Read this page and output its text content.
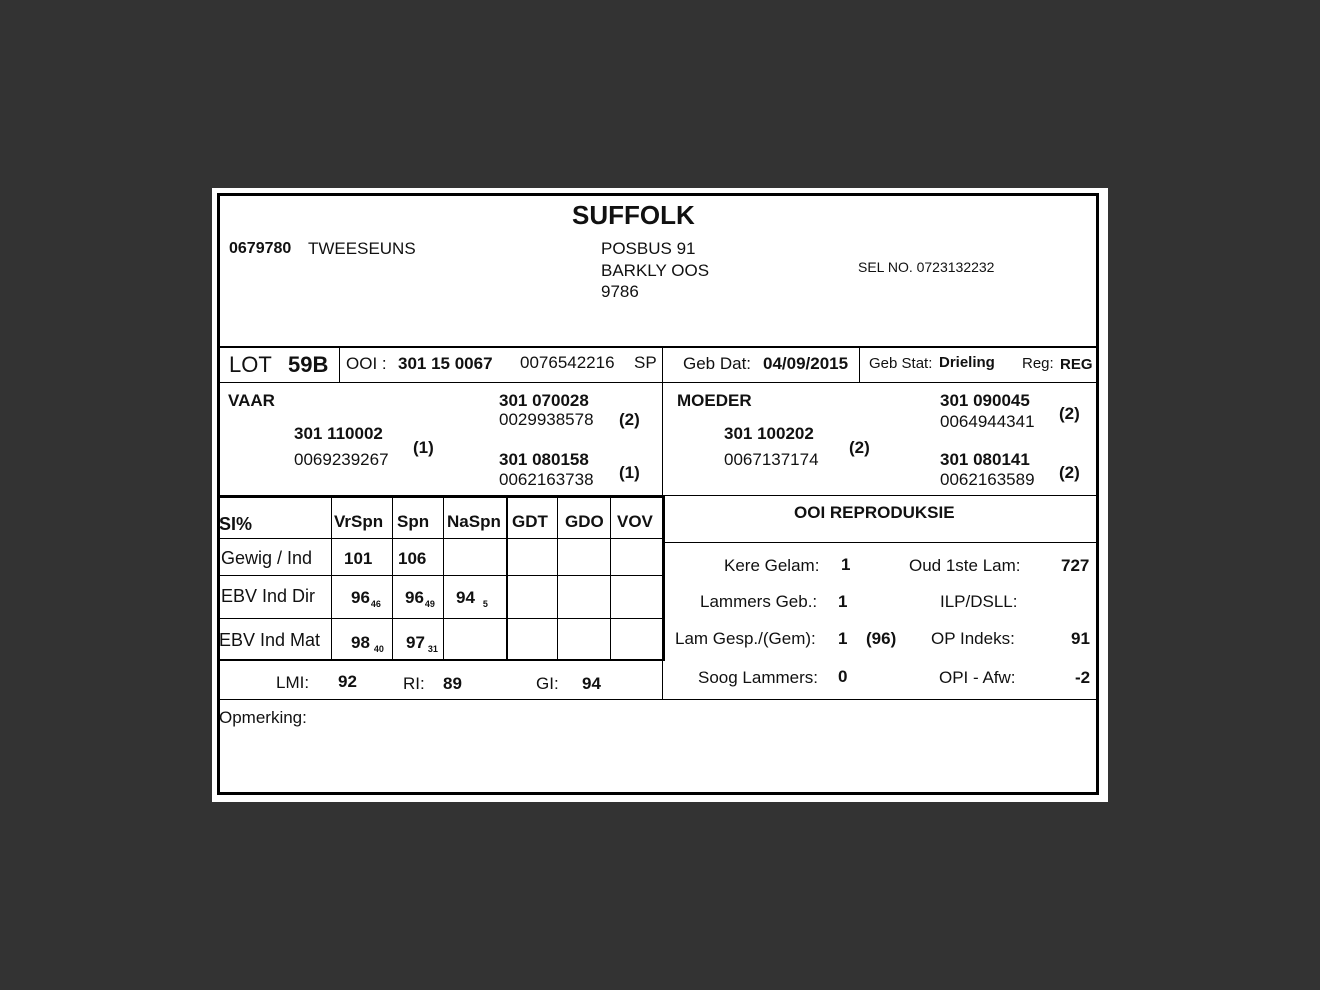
SUFFOLK
0679780 TWEESEUNS	POSBUS 91
BARKLY OOS
9786
SEL NO. 0723132232
LOT 59B OOI : 301 15 0067 0076542216 SP Geb Dat: 04/09/2015 Geb Stat: Drieling Reg: REG
VAAR
301 110002
0069239267
(1)
301 070028
0029938578 (2)
301 080158
0062163738 (1)
MOEDER
301 100202
0067137174
(2)
301 090045
0064944341 (2)
301 080141
0062163589 (2)
SI%	VrSpn Spn NaSpn GDT GDO VOV
Gewig / Ind 101 106
EBV Ind Dir $96_{46}$ $96_{49}$ 94 $_5$
EBV Ind Mat 98 $_{40}$ 97 $_{31}$
LMI: 92	RI: 89	GI: 94
OOI REPRODUKSIE
Kere Gelam: 1	Oud 1ste Lam: 727
Lammers Geb.: 1	ILP/DSLL:
Lam Gesp./(Gem): 1 (96) OP Indeks:	91
Soog Lammers: 0	OPI - Afw:	-2
Opmerking:
